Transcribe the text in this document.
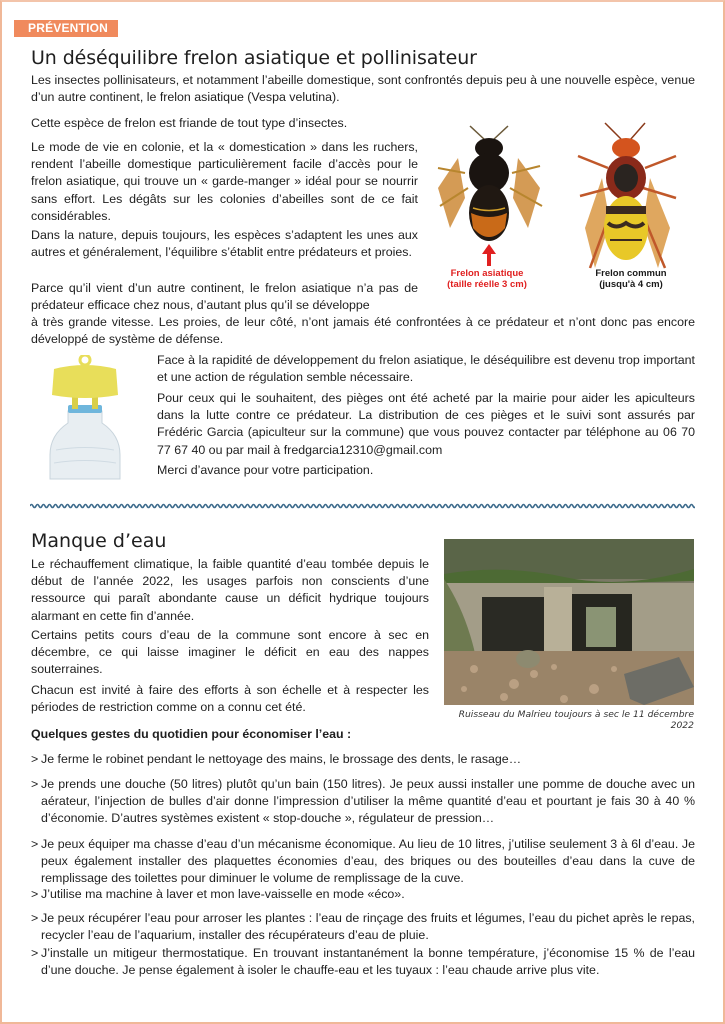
PRÉVENTION
Un déséquilibre frelon asiatique et pollinisateur
Les insectes pollinisateurs, et notamment l’abeille domestique, sont confrontés depuis peu à une nouvelle espèce, venue d’un autre continent, le frelon asiatique (Vespa velutina).
Cette espèce de frelon est friande de tout type d’insectes.
Le mode de vie en colonie, et la « domestication » dans les ruchers, rendent l’abeille domestique particulièrement facile d’accès pour le frelon asiatique, qui trouve un « garde-manger » idéal pour se nourrir sans effort. Les dégâts sur les colonies d’abeilles sont de ce fait considérables.
Dans la nature, depuis toujours, les espèces s’adaptent les unes aux autres et généralement, l’équilibre s’établit entre prédateurs et proies.
Parce qu’il vient d’un autre continent, le frelon asiatique n’a pas de prédateur efficace chez nous, d’autant plus qu’il se développe
à très grande vitesse. Les proies, de leur côté, n’ont jamais été confrontées à ce prédateur et n’ont donc pas encore développé de système de défense.
Frelon asiatique
(taille réelle 3 cm)
Frelon commun
(jusqu'à 4 cm)
Face à la rapidité de développement du frelon asiatique, le déséquilibre est devenu trop important et une action de régulation semble nécessaire.
Pour ceux qui le souhaitent, des pièges ont été acheté par la mairie pour aider les apiculteurs dans la lutte contre ce prédateur. La distribution de ces pièges et le suivi sont assurés par Frédéric Garcia (apiculteur sur la commune) que vous pouvez contacter par téléphone au 06 70 77 67 40 ou par mail à fredgarcia12310@gmail.com
Merci d’avance pour votre participation.
Manque d’eau
Le réchauffement climatique, la faible quantité d’eau tombée depuis le début de l’année 2022, les usages parfois non conscients d’une ressource qui paraît abondante cause un déficit hydrique toujours alarmant en cette fin d’année.
Certains petits cours d’eau de la commune sont encore à sec en décembre, ce qui laisse imaginer le déficit en eau des nappes souterraines.
Chacun est invité à faire des efforts à son échelle et à respecter les périodes de restriction comme on a connu cet été.
Ruisseau du Malrieu toujours à sec le 11 décembre 2022
Quelques gestes du quotidien pour économiser l’eau :
> Je ferme le robinet pendant le nettoyage des mains, le brossage des dents, le rasage…
> Je prends une douche (50 litres) plutôt qu’un bain (150 litres). Je peux aussi installer une pomme de douche avec un aérateur, l’injection de bulles d’air donne l’impression d’utiliser la même quantité d’eau et pourtant je fais 30 à 40 % d’économie. D’autres systèmes existent « stop-douche », régulateur de pression…
> Je peux équiper ma chasse d’eau d’un mécanisme économique. Au lieu de 10 litres, j’utilise seulement 3 à 6l d’eau. Je peux également installer des plaquettes économies d’eau, des briques ou des bouteilles d’eau dans la cuve de remplissage des toilettes pour diminuer le volume de remplissage de la cuve.
> J’utilise ma machine à laver et mon lave-vaisselle en mode «éco».
> Je peux récupérer l’eau pour arroser les plantes : l’eau de rinçage des fruits et légumes, l’eau du pichet après le repas, recycler l’eau de l’aquarium, installer des récupérateurs d’eau de pluie.
> J’installe un mitigeur thermostatique. En trouvant instantanément la bonne température, j’économise 15 % de l’eau d’une douche. Je pense également à isoler le chauffe-eau et les tuyaux : l’eau chaude arrive plus vite.
